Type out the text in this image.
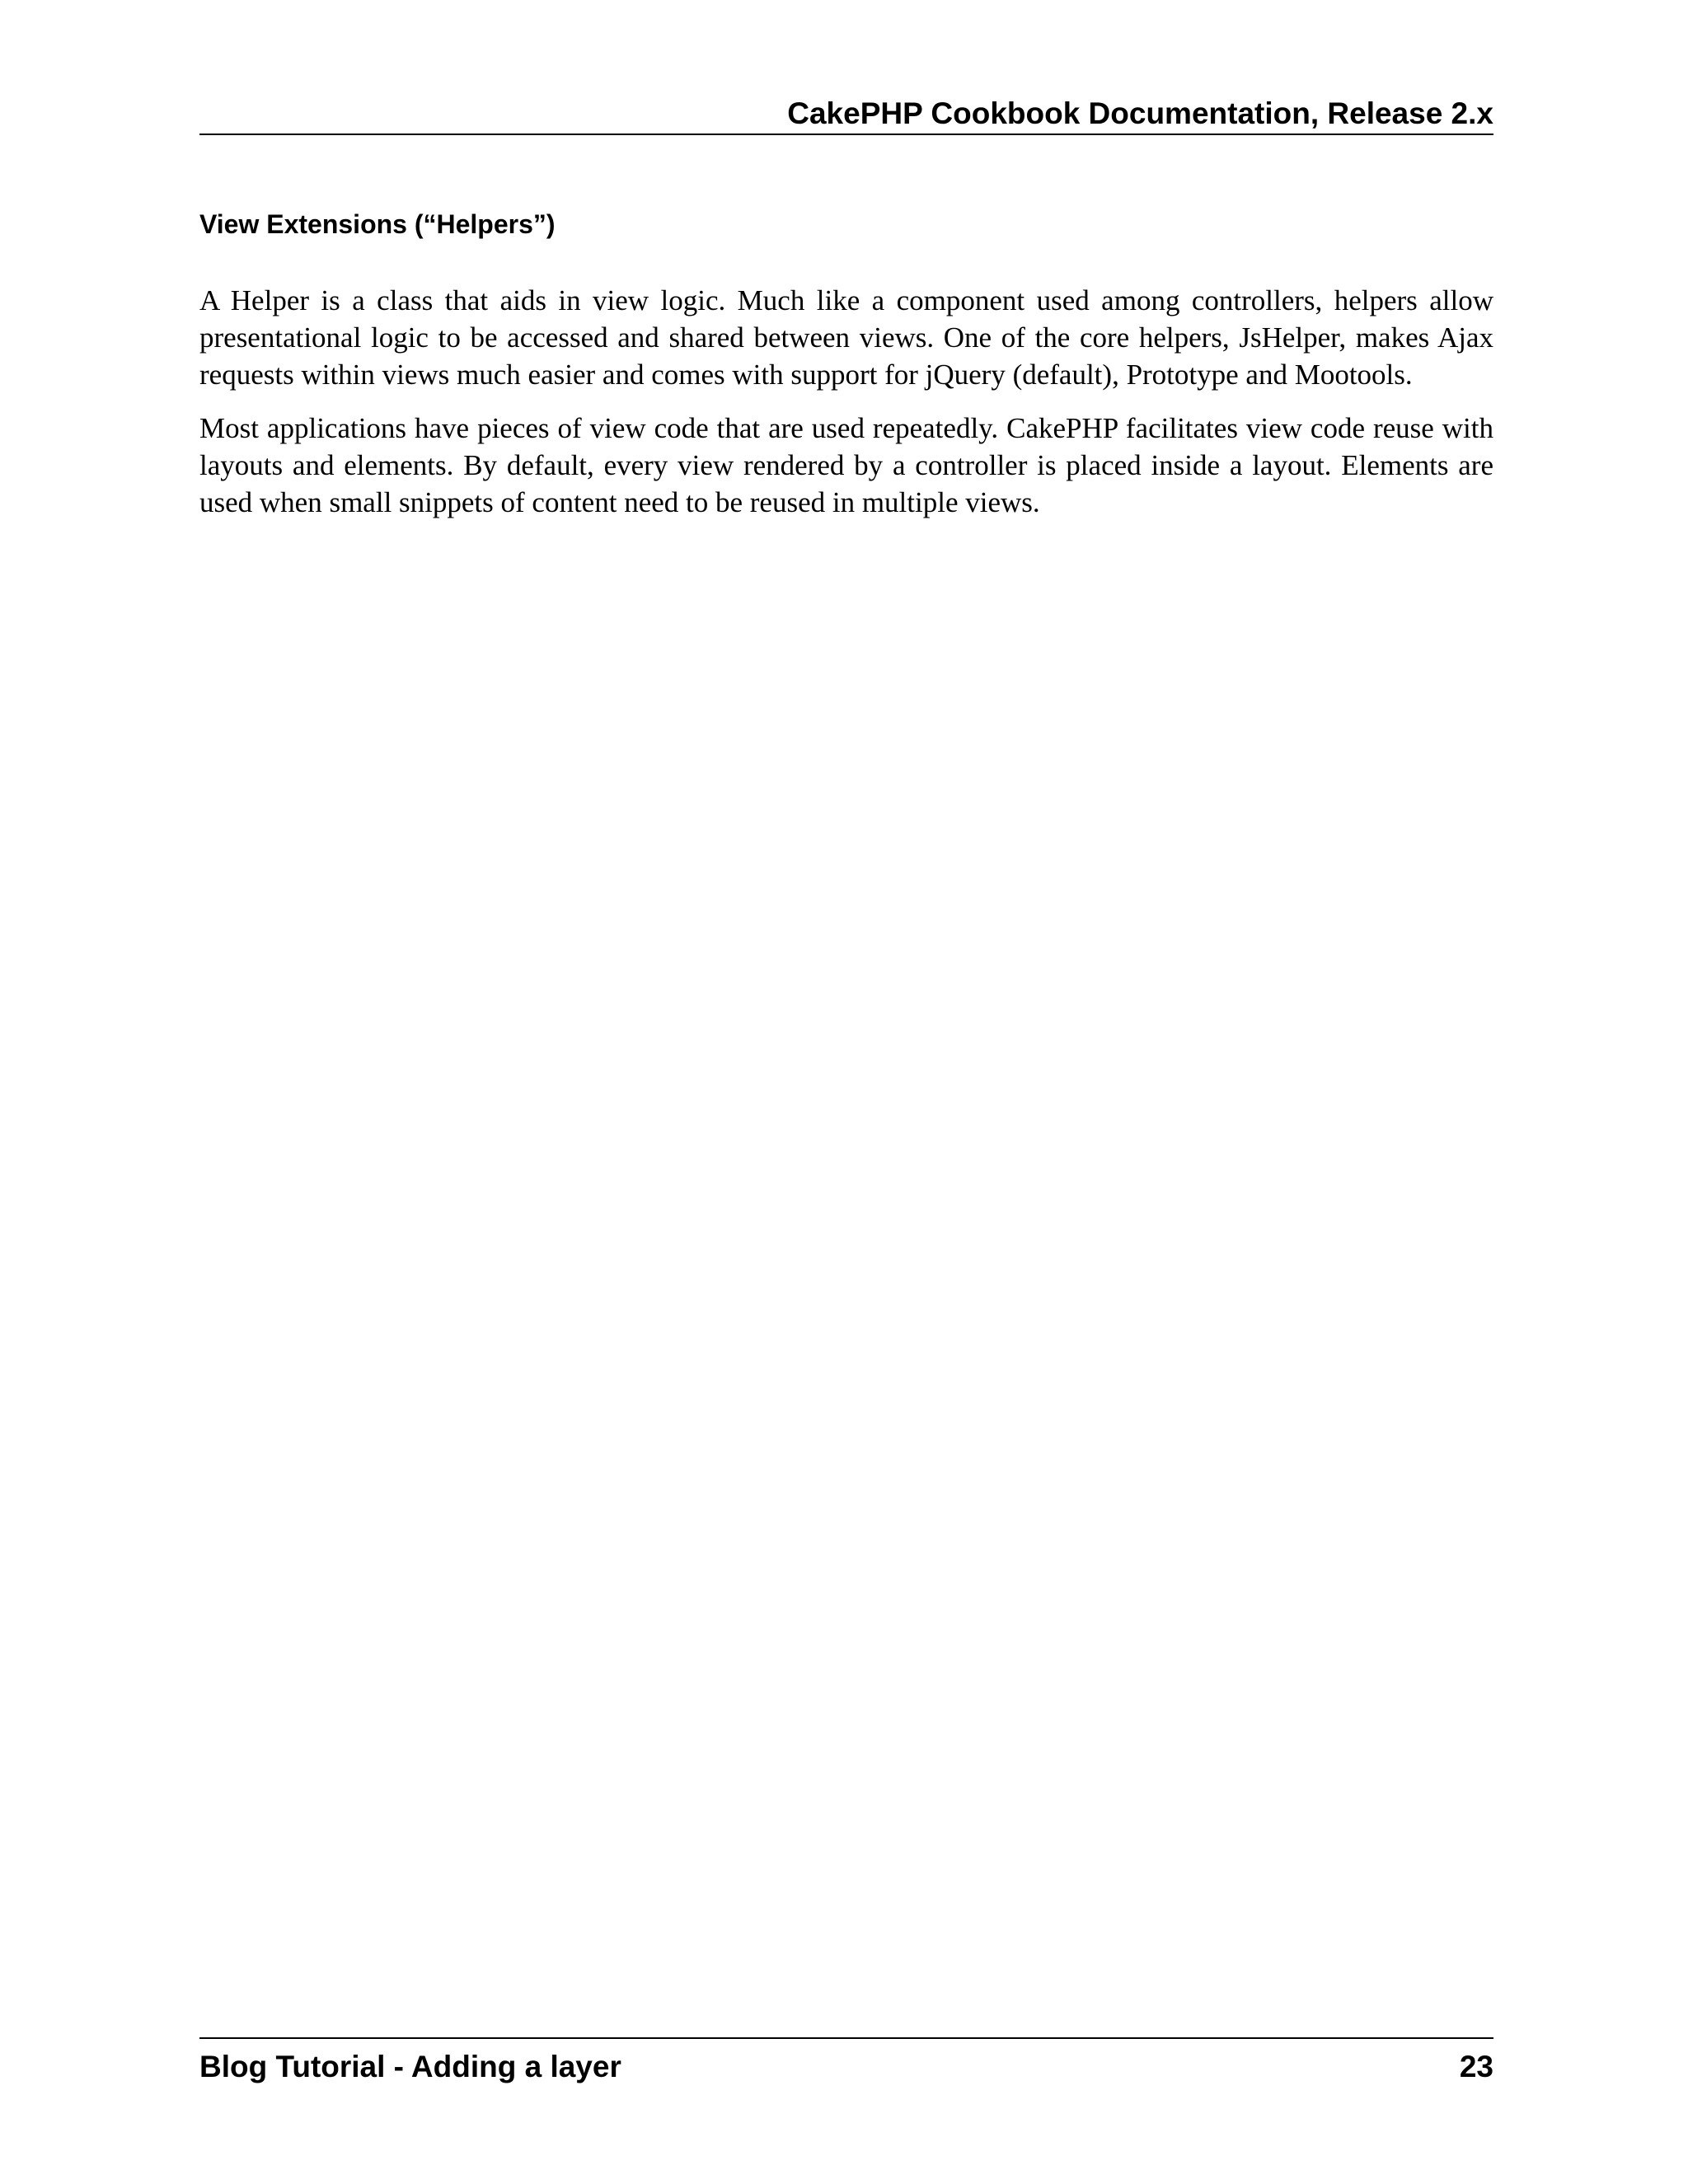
CakePHP Cookbook Documentation, Release 2.x
View Extensions (“Helpers”)

A Helper is a class that aids in view logic. Much like a component used among controllers, helpers allow presentational logic to be accessed and shared between views. One of the core helpers, JsHelper, makes Ajax requests within views much easier and comes with support for jQuery (default), Prototype and Mootools.

Most applications have pieces of view code that are used repeatedly. CakePHP facilitates view code reuse with layouts and elements. By default, every view rendered by a controller is placed inside a layout. Elements are used when small snippets of content need to be reused in multiple views.

Blog Tutorial - Adding a layer	23
